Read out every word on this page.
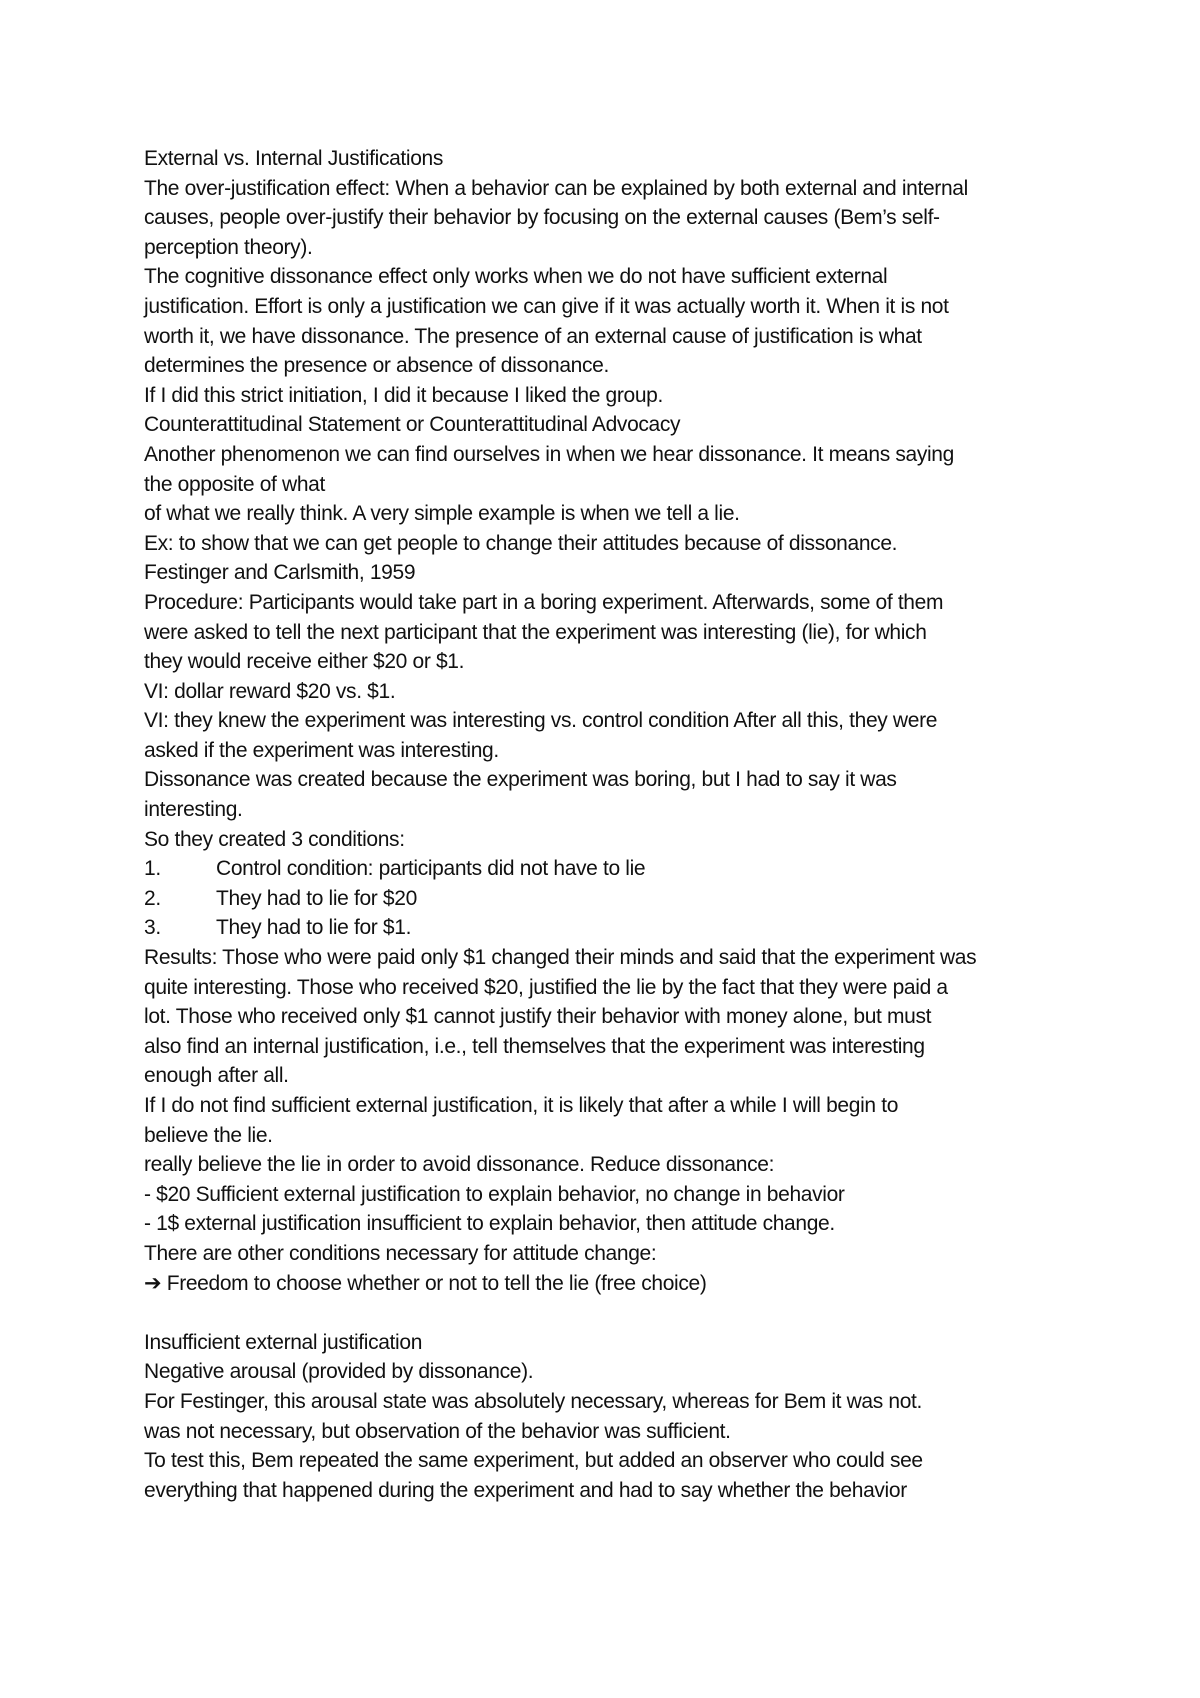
External vs. Internal Justifications
The over-justification effect: When a behavior can be explained by both external and internal
causes, people over-justify their behavior by focusing on the external causes (Bem’s self-
perception theory).
The cognitive dissonance effect only works when we do not have sufficient external
justification. Effort is only a justification we can give if it was actually worth it. When it is not
worth it, we have dissonance. The presence of an external cause of justification is what
determines the presence or absence of dissonance.
If I did this strict initiation, I did it because I liked the group.
Counterattitudinal Statement or Counterattitudinal Advocacy
Another phenomenon we can find ourselves in when we hear dissonance. It means saying
the opposite of what
of what we really think. A very simple example is when we tell a lie.
Ex: to show that we can get people to change their attitudes because of dissonance.
Festinger and Carlsmith, 1959
Procedure: Participants would take part in a boring experiment. Afterwards, some of them
were asked to tell the next participant that the experiment was interesting (lie), for which
they would receive either $20 or $1.
VI: dollar reward $20 vs. $1.
VI: they knew the experiment was interesting vs. control condition After all this, they were
asked if the experiment was interesting.
Dissonance was created because the experiment was boring, but I had to say it was
interesting.
So they created 3 conditions:
1.	Control condition: participants did not have to lie
2.	They had to lie for $20
3.	They had to lie for $1.
Results: Those who were paid only $1 changed their minds and said that the experiment was
quite interesting. Those who received $20, justified the lie by the fact that they were paid a
lot. Those who received only $1 cannot justify their behavior with money alone, but must
also find an internal justification, i.e., tell themselves that the experiment was interesting
enough after all.
If I do not find sufficient external justification, it is likely that after a while I will begin to
believe the lie.
really believe the lie in order to avoid dissonance. Reduce dissonance:
- $20 Sufficient external justification to explain behavior, no change in behavior
- 1$ external justification insufficient to explain behavior, then attitude change.
There are other conditions necessary for attitude change:
➔ Freedom to choose whether or not to tell the lie (free choice)
Insufficient external justification
Negative arousal (provided by dissonance).
For Festinger, this arousal state was absolutely necessary, whereas for Bem it was not.
was not necessary, but observation of the behavior was sufficient.
To test this, Bem repeated the same experiment, but added an observer who could see
everything that happened during the experiment and had to say whether the behavior
